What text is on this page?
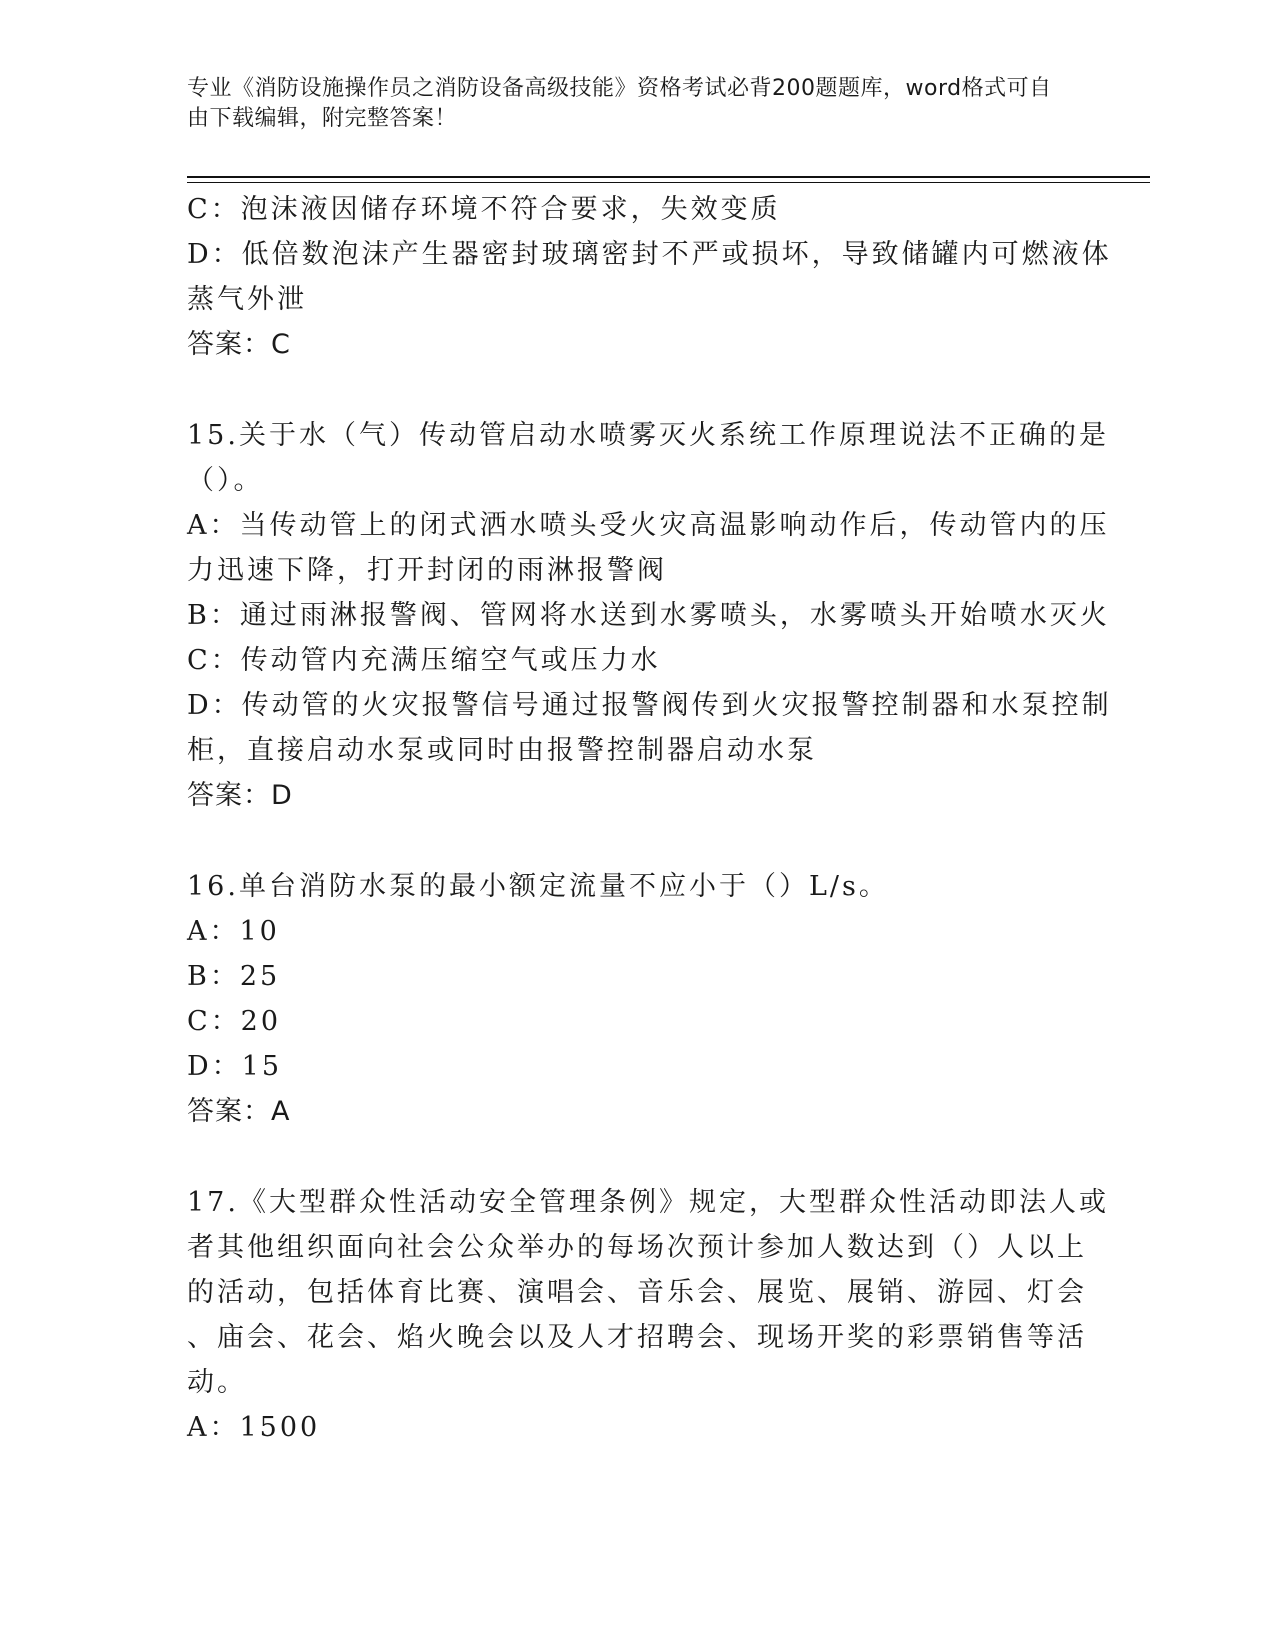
专业《消防设施操作员之消防设备高级技能》资格考试必背200题题库，word格式可自由下载编辑，附完整答案！
C：泡沫液因储存环境不符合要求，失效变质
D：低倍数泡沫产生器密封玻璃密封不严或损坏，导致储罐内可燃液体
蒸气外泄
答案：C
15.关于水（气）传动管启动水喷雾灭火系统工作原理说法不正确的是
（）。
A：当传动管上的闭式洒水喷头受火灾高温影响动作后，传动管内的压
力迅速下降，打开封闭的雨淋报警阀
B：通过雨淋报警阀、管网将水送到水雾喷头，水雾喷头开始喷水灭火
C：传动管内充满压缩空气或压力水
D：传动管的火灾报警信号通过报警阀传到火灾报警控制器和水泵控制
柜，直接启动水泵或同时由报警控制器启动水泵
答案：D
16.单台消防水泵的最小额定流量不应小于（）L/s。
A：10
B：25
C：20
D：15
答案：A
17.《大型群众性活动安全管理条例》规定，大型群众性活动即法人或
者其他组织面向社会公众举办的每场次预计参加人数达到（）人以上
的活动，包括体育比赛、演唱会、音乐会、展览、展销、游园、灯会
、庙会、花会、焰火晚会以及人才招聘会、现场开奖的彩票销售等活
动。
A：1500
